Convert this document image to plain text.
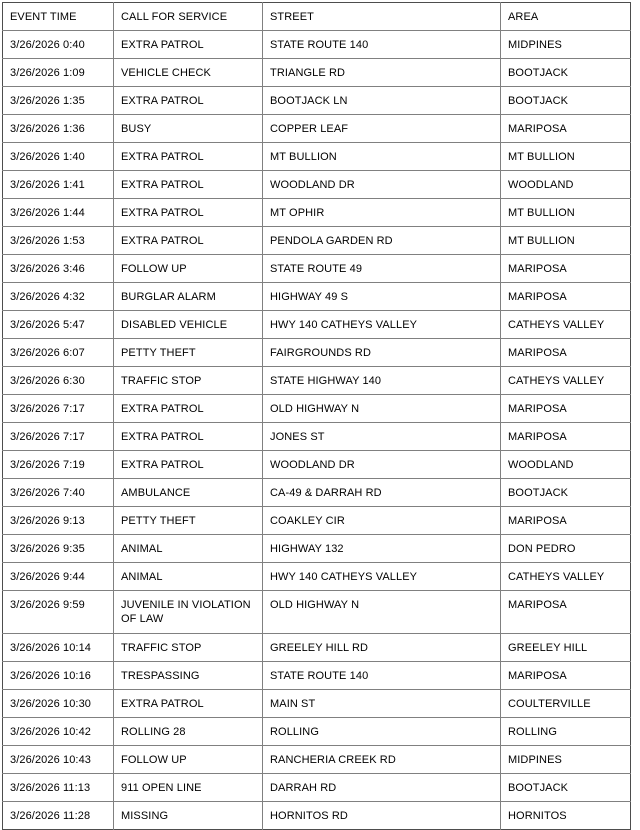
EVENT TIME	CALL FOR SERVICE	STREET	AREA
3/26/2026 0:40	EXTRA PATROL	STATE ROUTE 140	MIDPINES
3/26/2026 1:09	VEHICLE CHECK	TRIANGLE RD	BOOTJACK
3/26/2026 1:35	EXTRA PATROL	BOOTJACK LN	BOOTJACK
3/26/2026 1:36	BUSY	COPPER LEAF	MARIPOSA
3/26/2026 1:40	EXTRA PATROL	MT BULLION	MT BULLION
3/26/2026 1:41	EXTRA PATROL	WOODLAND DR	WOODLAND
3/26/2026 1:44	EXTRA PATROL	MT OPHIR	MT BULLION
3/26/2026 1:53	EXTRA PATROL	PENDOLA GARDEN RD	MT BULLION
3/26/2026 3:46	FOLLOW UP	STATE ROUTE 49	MARIPOSA
3/26/2026 4:32	BURGLAR ALARM	HIGHWAY 49 S	MARIPOSA
3/26/2026 5:47	DISABLED VEHICLE	HWY 140 CATHEYS VALLEY	CATHEYS VALLEY
3/26/2026 6:07	PETTY THEFT	FAIRGROUNDS RD	MARIPOSA
3/26/2026 6:30	TRAFFIC STOP	STATE HIGHWAY 140	CATHEYS VALLEY
3/26/2026 7:17	EXTRA PATROL	OLD HIGHWAY N	MARIPOSA
3/26/2026 7:17	EXTRA PATROL	JONES ST	MARIPOSA
3/26/2026 7:19	EXTRA PATROL	WOODLAND DR	WOODLAND
3/26/2026 7:40	AMBULANCE	CA-49 & DARRAH RD	BOOTJACK
3/26/2026 9:13	PETTY THEFT	COAKLEY CIR	MARIPOSA
3/26/2026 9:35	ANIMAL	HIGHWAY 132	DON PEDRO
3/26/2026 9:44	ANIMAL	HWY 140 CATHEYS VALLEY	CATHEYS VALLEY
3/26/2026 9:59	JUVENILE IN VIOLATION OF LAW	OLD HIGHWAY N	MARIPOSA
3/26/2026 10:14	TRAFFIC STOP	GREELEY HILL RD	GREELEY HILL
3/26/2026 10:16	TRESPASSING	STATE ROUTE 140	MARIPOSA
3/26/2026 10:30	EXTRA PATROL	MAIN ST	COULTERVILLE
3/26/2026 10:42	ROLLING 28	ROLLING	ROLLING
3/26/2026 10:43	FOLLOW UP	RANCHERIA CREEK RD	MIDPINES
3/26/2026 11:13	911 OPEN LINE	DARRAH RD	BOOTJACK
3/26/2026 11:28	MISSING	HORNITOS RD	HORNITOS
